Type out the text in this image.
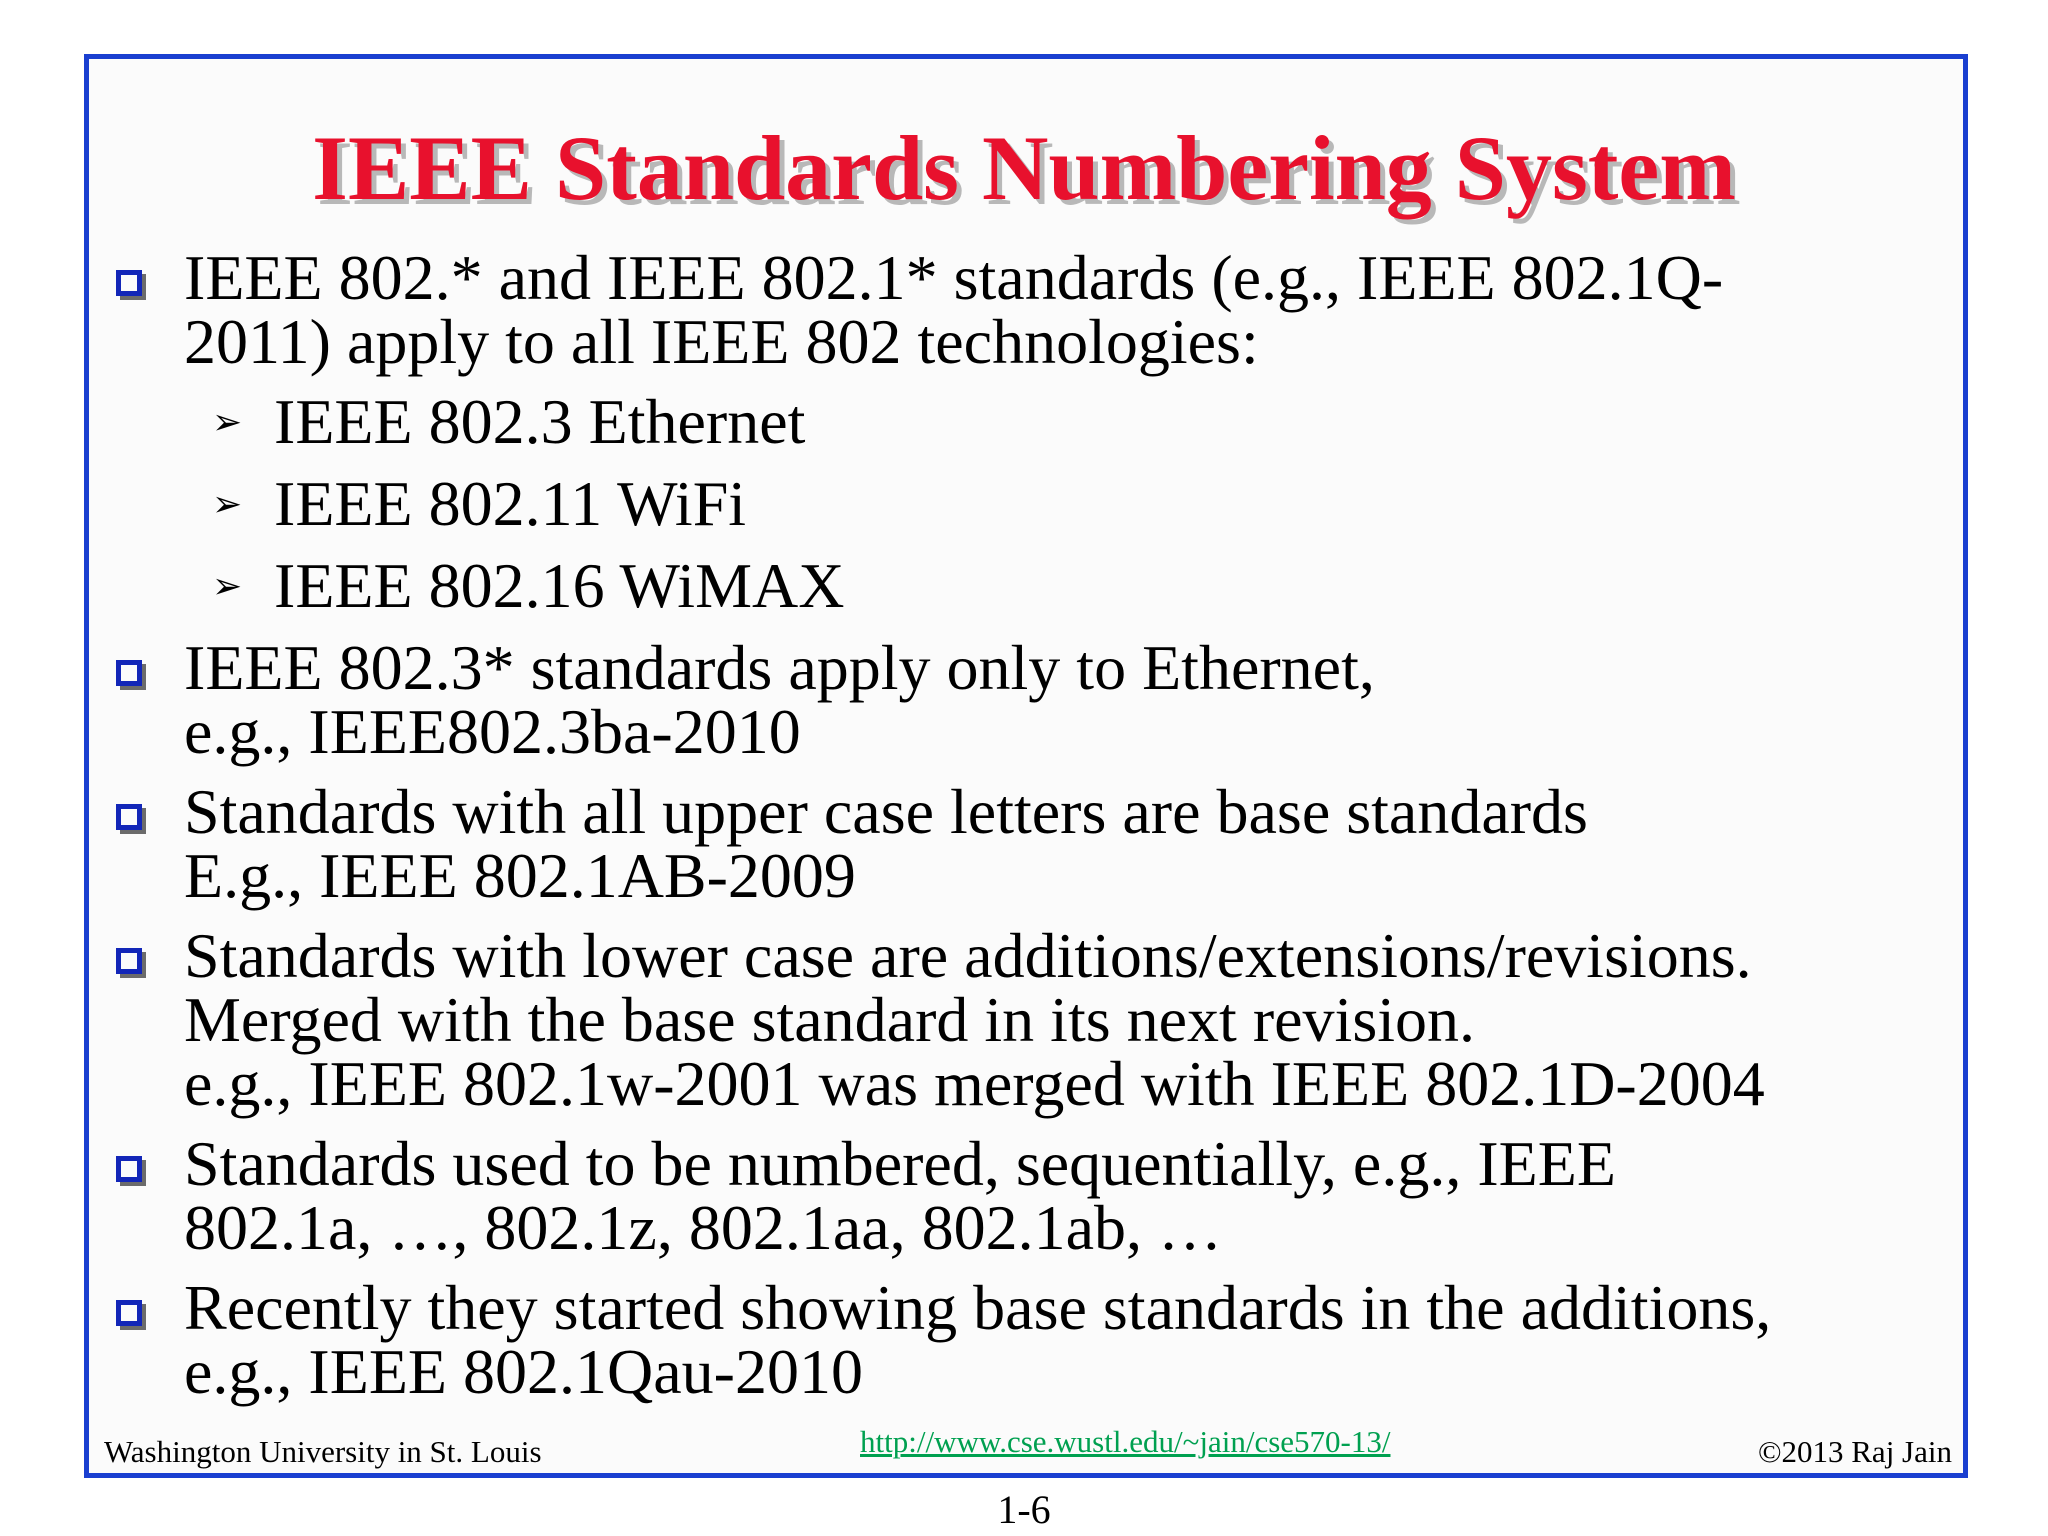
IEEE Standards Numbering System
IEEE 802.* and IEEE 802.1* standards (e.g., IEEE 802.1Q-
2011) apply to all IEEE 802 technologies:
➢ IEEE 802.3 Ethernet
➢ IEEE 802.11 WiFi
➢ IEEE 802.16 WiMAX
IEEE 802.3* standards apply only to Ethernet,
e.g., IEEE802.3ba-2010
Standards with all upper case letters are base standards
E.g., IEEE 802.1AB-2009
Standards with lower case are additions/extensions/revisions.
Merged with the base standard in its next revision.
e.g., IEEE 802.1w-2001 was merged with IEEE 802.1D-2004
Standards used to be numbered, sequentially, e.g., IEEE
802.1a, …, 802.1z, 802.1aa, 802.1ab, …
Recently they started showing base standards in the additions,
e.g., IEEE 802.1Qau-2010
Washington University in St. Louis	http://www.cse.wustl.edu/~jain/cse570-13/	©2013 Raj Jain
1-6
